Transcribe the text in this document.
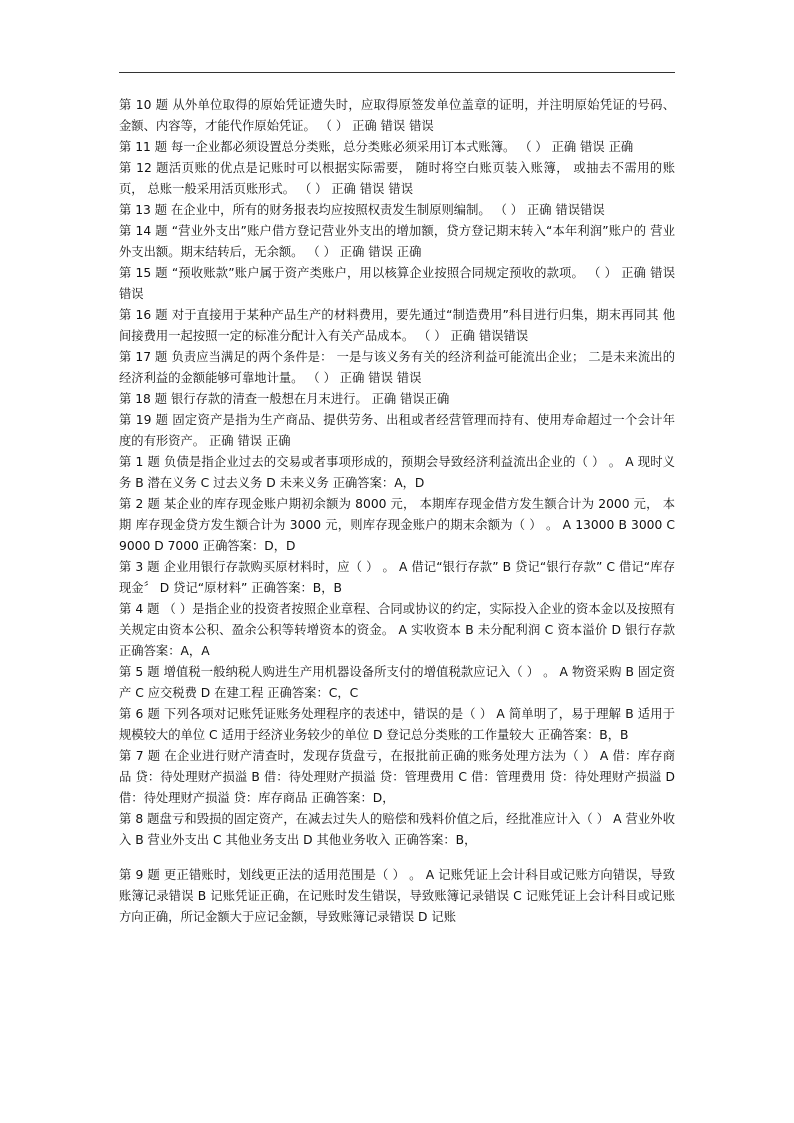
第 10 题 从外单位取得的原始凭证遗失时，应取得原签发单位盖章的证明，并注明原始凭证的号码、 金额、内容等，才能代作原始凭证。 （ ） 正确 错误 错误

第 11 题 每一企业都必须设置总分类账，总分类账必须采用订本式账簿。 （ ） 正确 错误 正确

第 12 题活页账的优点是记账时可以根据实际需要， 随时将空白账页装入账簿， 或抽去不需用的账页， 总账一般采用活页账形式。 （ ） 正确 错误 错误

第 13 题 在企业中，所有的财务报表均应按照权责发生制原则编制。 （ ） 正确 错误错误

第 14 题 “营业外支出”账户借方登记营业外支出的增加额，贷方登记期末转入“本年利润”账户的 营业外支出额。期末结转后，无余额。 （ ） 正确 错误 正确

第 15 题 “预收账款”账户属于资产类账户，用以核算企业按照合同规定预收的款项。 （ ） 正确 错误 错误

第 16 题 对于直接用于某种产品生产的材料费用，要先通过“制造费用”科目进行归集，期末再同其 他间接费用一起按照一定的标准分配计入有关产品成本。 （ ） 正确 错误错误

第 17 题 负责应当满足的两个条件是： 一是与该义务有关的经济利益可能流出企业； 二是未来流出的 经济利益的金额能够可靠地计量。 （ ） 正确 错误 错误

第 18 题 银行存款的清查一般想在月末进行。 正确 错误正确

第 19 题 固定资产是指为生产商品、提供劳务、出租或者经营管理而持有、使用寿命超过一个会计年 度的有形资产。 正确 错误 正确

第 1 题 负债是指企业过去的交易或者事项形成的，预期会导致经济利益流出企业的（ ） 。 A 现时义务 B 潜在义务 C 过去义务 D 未来义务 正确答案：A，D

第 2 题 某企业的库存现金账户期初余额为 8000 元， 本期库存现金借方发生额合计为 2000 元， 本期 库存现金贷方发生额合计为 3000 元，则库存现金账户的期末余额为（ ） 。 A 13000 B 3000 C 9000 D 7000 正确答案：D，D

第 3 题 企业用银行存款购买原材料时，应（ ） 。 A 借记“银行存款” B 贷记“银行存款” C 借记“库存现金〞 D 贷记“原材料” 正确答案：B，B

第 4 题 （ ）是指企业的投资者按照企业章程、合同或协议的约定，实际投入企业的资本金以及按照有关规定由资本公积、盈余公积等转增资本的资金。 A 实收资本 B 未分配利润 C 资本溢价 D 银行存款 正确答案：A，A

第 5 题 增值税一般纳税人购进生产用机器设备所支付的增值税款应记入（ ） 。 A 物资采购 B 固定资产 C 应交税费 D 在建工程 正确答案：C，C

第 6 题 下列各项对记账凭证账务处理程序的表述中，错误的是（ ） A 简单明了，易于理解 B 适用于规模较大的单位 C 适用于经济业务较少的单位 D 登记总分类账的工作量较大 正确答案：B，B

第 7 题 在企业进行财产清查时，发现存货盘亏，在报批前正确的账务处理方法为（ ） A 借：库存商品 贷：待处理财产损溢 B 借：待处理财产损溢 贷：管理费用 C 借：管理费用 贷：待处理财产损溢 D 借：待处理财产损溢 贷：库存商品 正确答案：D，

第 8 题盘亏和毁损的固定资产，在减去过失人的赔偿和残料价值之后，经批准应计入（ ） A 营业外收入 B 营业外支出 C 其他业务支出 D 其他业务收入 正确答案：B，

第 9 题 更正错账时，划线更正法的适用范围是（ ） 。 A 记账凭证上会计科目或记账方向错误，导致账簿记录错误 B 记账凭证正确，在记账时发生错误，导致账簿记录错误 C 记账凭证上会计科目或记账方向正确，所记金额大于应记金额，导致账簿记录错误 D 记账
